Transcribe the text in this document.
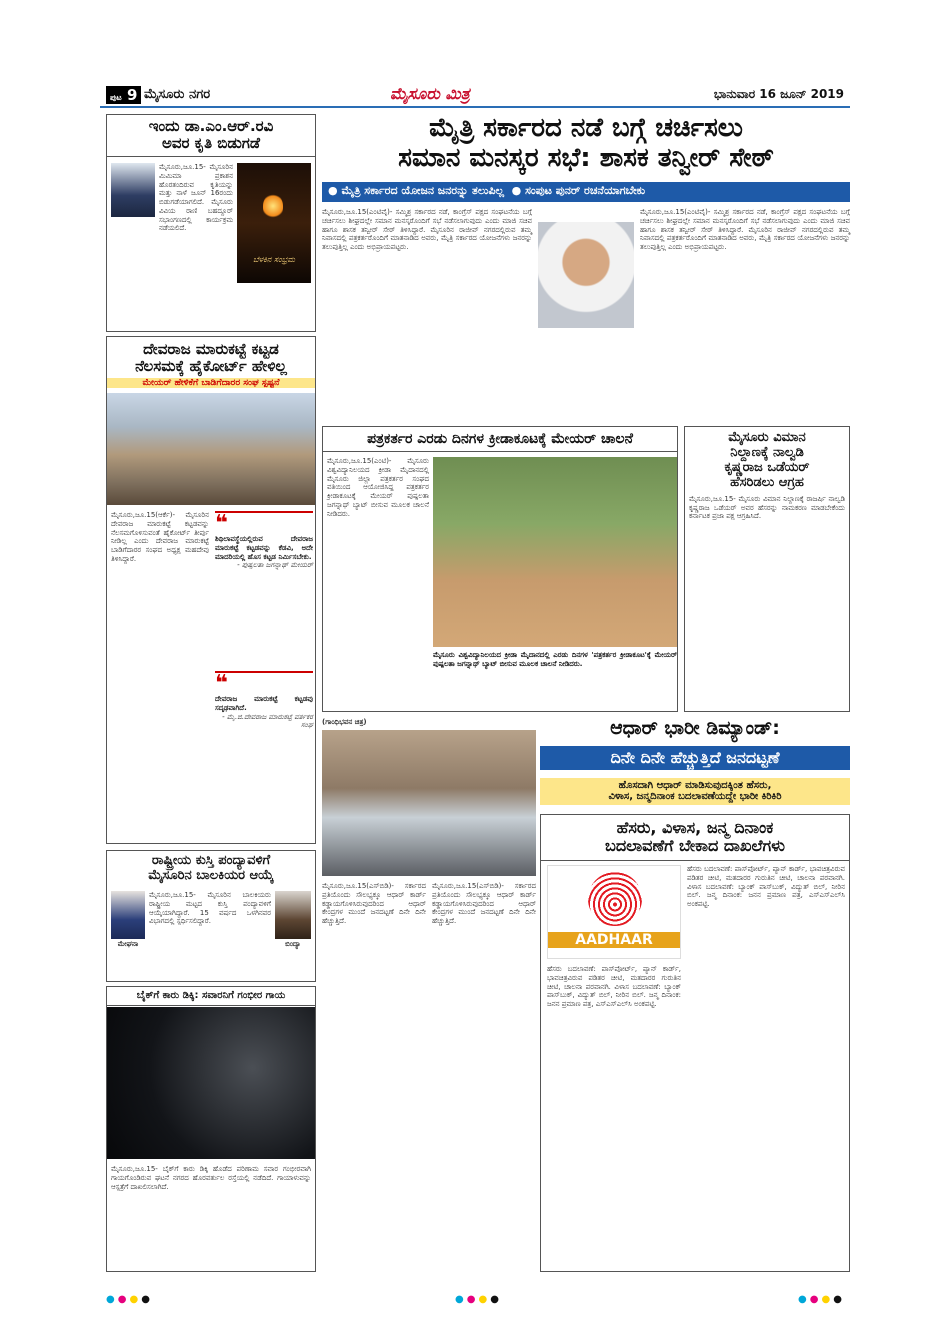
ಪುಟ 9 ಮೈಸೂರು ನಗರ	ಮೈಸೂರು ಮಿತ್ರ	ಭಾನುವಾರ 16 ಜೂನ್ 2019
ಇಂದು ಡಾ.ಎಂ.ಆರ್.ರವಿ
ಅವರ ಕೃತಿ ಬಿಡುಗಡೆ
ಬೆಳಕಿನ ಸಂಭ್ರಮ
ಮೈಸೂರು,ಜೂ.15- ಮೈಸೂರಿನ ಮಿಮಿಮಾ ಪ್ರಕಾಶನ ಹೊರತಂದಿರುವ ಕೃತಿಯನ್ನು ಮತ್ತು ನಾಳೆ ಜೂನ್ 16ರಂದು ಬಿಡುಗಡೆಯಾಗಲಿದೆ. ಮೈಸೂರು ವಿವಿಯ ರಾಣಿ ಬಹದ್ದೂರ್ ಸಭಾಂಗಣದಲ್ಲಿ ಕಾರ್ಯಕ್ರಮ ನಡೆಯಲಿದೆ.
ದೇವರಾಜ ಮಾರುಕಟ್ಟೆ ಕಟ್ಟಡ
ನೆಲಸಮಕ್ಕೆ ಹೈಕೋರ್ಟ್ ಹೇಳಿಲ್ಲ
ಮೇಯರ್ ಹೇಳಿಕೆಗೆ ಬಾಡಿಗೆದಾರರ ಸಂಘ ಸ್ಪಷ್ಟನೆ
ಮೈಸೂರು,ಜೂ.15(ಆರ್ಕೆ)- ಮೈಸೂರಿನ ದೇವರಾಜ ಮಾರುಕಟ್ಟೆ ಕಟ್ಟಡವನ್ನು ನೆಲಸಮಗೊಳಿಸುವಂತೆ ಹೈಕೋರ್ಟ್ ತೀರ್ಪು ನೀಡಿಲ್ಲ ಎಂದು ದೇವರಾಜ ಮಾರುಕಟ್ಟೆ ಬಾಡಿಗೆದಾರರ ಸಂಘದ ಅಧ್ಯಕ್ಷ ಮಹದೇವು ತಿಳಿಸಿದ್ದಾರೆ.
❝
ಶಿಥಿಲಾವಸ್ಥೆಯಲ್ಲಿರುವ ದೇವರಾಜ ಮಾರುಕಟ್ಟೆ ಕಟ್ಟಡವನ್ನು ಕೆಡವಿ, ಅದೇ ಮಾದರಿಯಲ್ಲಿ ಹೊಸ ಕಟ್ಟಡ ನಿರ್ಮಿಸಬೇಕು.
- ಪುಷ್ಪಲತಾ ಜಗನ್ನಾಥ್ ಮೇಯರ್
❝
ದೇವರಾಜ ಮಾರುಕಟ್ಟೆ ಕಟ್ಟಡವು ಸದೃಢವಾಗಿದೆ.
- ಮೈ.ಜಿ.ದೇವರಾಜ ಮಾರುಕಟ್ಟೆ ವರ್ತಕರ ಸಂಘ
ರಾಷ್ಟ್ರೀಯ ಕುಸ್ತಿ ಪಂದ್ಯಾವಳಿಗೆ
ಮೈಸೂರಿನ ಬಾಲಕಿಯರ ಆಯ್ಕೆ
ಮೇಘನಾ
ಮೈಸೂರು,ಜೂ.15- ಮೈಸೂರಿನ ಬಾಲಕಿಯರು ರಾಷ್ಟ್ರೀಯ ಮಟ್ಟದ ಕುಸ್ತಿ ಪಂದ್ಯಾವಳಿಗೆ ಆಯ್ಕೆಯಾಗಿದ್ದಾರೆ. 15 ವರ್ಷದ ಒಳಗಿನವರ ವಿಭಾಗದಲ್ಲಿ ಸ್ಪರ್ಧಿಸಲಿದ್ದಾರೆ.
ಬಿಂದ್ಯಾ
ಬೈಕ್‌ಗೆ ಕಾರು ಡಿಕ್ಕಿ: ಸವಾರನಿಗೆ ಗಂಭೀರ ಗಾಯ
ಮೈಸೂರು,ಜೂ.15- ಬೈಕ್‌ಗೆ ಕಾರು ಡಿಕ್ಕಿ ಹೊಡೆದ ಪರಿಣಾಮ ಸವಾರ ಗಂಭೀರವಾಗಿ ಗಾಯಗೊಂಡಿರುವ ಘಟನೆ ನಗರದ ಹೊರವರ್ತುಲ ರಸ್ತೆಯಲ್ಲಿ ನಡೆದಿದೆ. ಗಾಯಾಳುವನ್ನು ಆಸ್ಪತ್ರೆಗೆ ದಾಖಲಿಸಲಾಗಿದೆ.
ಮೈತ್ರಿ ಸರ್ಕಾರದ ನಡೆ ಬಗ್ಗೆ ಚರ್ಚಿಸಲು
ಸಮಾನ ಮನಸ್ಕರ ಸಭೆ: ಶಾಸಕ ತನ್ವೀರ್ ಸೇಠ್
● ಮೈತ್ರಿ ಸರ್ಕಾರದ ಯೋಜನ ಜನರನ್ನು ತಲುಪಿಲ್ಲ  ● ಸಂಪುಟ ಪುನರ್ ರಚನೆಯಾಗಬೇಕು
ಮೈಸೂರು,ಜೂ.15(ಎಂಟಿವೈ)- ಸಮ್ಮಿಶ್ರ ಸರ್ಕಾರದ ನಡೆ, ಕಾಂಗ್ರೆಸ್ ಪಕ್ಷದ ಸಂಘಟನೆಯ ಬಗ್ಗೆ ಚರ್ಚಿಸಲು ಶೀಘ್ರದಲ್ಲೇ ಸಮಾನ ಮನಸ್ಕರೊಂದಿಗೆ ಸಭೆ ನಡೆಸಲಾಗುವುದು ಎಂದು ಮಾಜಿ ಸಚಿವ ಹಾಗೂ ಶಾಸಕ ತನ್ವೀರ್ ಸೇಠ್ ತಿಳಿಸಿದ್ದಾರೆ. ಮೈಸೂರಿನ ರಾಜೀವ್ ನಗರದಲ್ಲಿರುವ ತಮ್ಮ ನಿವಾಸದಲ್ಲಿ ಪತ್ರಕರ್ತರೊಂದಿಗೆ ಮಾತನಾಡಿದ ಅವರು, ಮೈತ್ರಿ ಸರ್ಕಾರದ ಯೋಜನೆಗಳು ಜನರನ್ನು ತಲುಪುತ್ತಿಲ್ಲ ಎಂದು ಅಭಿಪ್ರಾಯಪಟ್ಟರು.
ಮೈಸೂರು,ಜೂ.15(ಎಂಟಿವೈ)- ಸಮ್ಮಿಶ್ರ ಸರ್ಕಾರದ ನಡೆ, ಕಾಂಗ್ರೆಸ್ ಪಕ್ಷದ ಸಂಘಟನೆಯ ಬಗ್ಗೆ ಚರ್ಚಿಸಲು ಶೀಘ್ರದಲ್ಲೇ ಸಮಾನ ಮನಸ್ಕರೊಂದಿಗೆ ಸಭೆ ನಡೆಸಲಾಗುವುದು ಎಂದು ಮಾಜಿ ಸಚಿವ ಹಾಗೂ ಶಾಸಕ ತನ್ವೀರ್ ಸೇಠ್ ತಿಳಿಸಿದ್ದಾರೆ. ಮೈಸೂರಿನ ರಾಜೀವ್ ನಗರದಲ್ಲಿರುವ ತಮ್ಮ ನಿವಾಸದಲ್ಲಿ ಪತ್ರಕರ್ತರೊಂದಿಗೆ ಮಾತನಾಡಿದ ಅವರು, ಮೈತ್ರಿ ಸರ್ಕಾರದ ಯೋಜನೆಗಳು ಜನರನ್ನು ತಲುಪುತ್ತಿಲ್ಲ ಎಂದು ಅಭಿಪ್ರಾಯಪಟ್ಟರು.
ಪತ್ರಕರ್ತರ ಎರಡು ದಿನಗಳ ಕ್ರೀಡಾಕೂಟಕ್ಕೆ ಮೇಯರ್ ಚಾಲನೆ
ಮೈಸೂರು,ಜೂ.15(ಎಂಟಿ)- ಮೈಸೂರು ವಿಶ್ವವಿದ್ಯಾನಿಲಯದ ಕ್ರೀಡಾ ಮೈದಾನದಲ್ಲಿ ಮೈಸೂರು ಜಿಲ್ಲಾ ಪತ್ರಕರ್ತರ ಸಂಘದ ವತಿಯಿಂದ ಆಯೋಜಿಸಿದ್ದ ಪತ್ರಕರ್ತರ ಕ್ರೀಡಾಕೂಟಕ್ಕೆ ಮೇಯರ್ ಪುಷ್ಪಲತಾ ಜಗನ್ನಾಥ್ ಬ್ಯಾಟ್ ಬೀಸುವ ಮೂಲಕ ಚಾಲನೆ ನೀಡಿದರು.
ಮೈಸೂರು ವಿಶ್ವವಿದ್ಯಾನಿಲಯದ ಕ್ರೀಡಾ ಮೈದಾನದಲ್ಲಿ ಎರಡು ದಿನಗಳ 'ಪತ್ರಕರ್ತರ ಕ್ರೀಡಾಕೂಟ'ಕ್ಕೆ ಮೇಯರ್ ಪುಷ್ಪಲತಾ ಜಗನ್ನಾಥ್ ಬ್ಯಾಟ್ ಬೀಸುವ ಮೂಲಕ ಚಾಲನೆ ನೀಡಿದರು.
ಮೈಸೂರು ವಿಮಾನ
ನಿಲ್ದಾಣಕ್ಕೆ ನಾಲ್ವಡಿ
ಕೃಷ್ಣರಾಜ ಒಡೆಯರ್
ಹೆಸರಿಡಲು ಆಗ್ರಹ
ಮೈಸೂರು,ಜೂ.15- ಮೈಸೂರು ವಿಮಾನ ನಿಲ್ದಾಣಕ್ಕೆ ರಾಜರ್ಷಿ ನಾಲ್ವಡಿ ಕೃಷ್ಣರಾಜ ಒಡೆಯರ್ ಅವರ ಹೆಸರನ್ನು ನಾಮಕರಣ ಮಾಡಬೇಕೆಂದು ಕರ್ನಾಟಕ ಪ್ರಜಾ ಪಕ್ಷ ಆಗ್ರಹಿಸಿದೆ.
(ಗಾಂಧಿಭವನ ಚಿತ್ರ)	ಆಧಾರ್ ಭಾರೀ ಡಿಮ್ಯಾಂಡ್:
ದಿನೇ ದಿನೇ ಹೆಚ್ಚುತ್ತಿದೆ ಜನದಟ್ಟಣೆ
ಹೊಸದಾಗಿ ಆಧಾರ್ ಮಾಡಿಸುವುದಕ್ಕಿಂತ ಹೆಸರು,
ವಿಳಾಸ, ಜನ್ಮದಿನಾಂಕ ಬದಲಾವಣೆಯದ್ದೇ ಭಾರೀ ಕಿರಿಕಿರಿ
ಮೈಸೂರು,ಜೂ.15(ಎಸ್‌ಬಿಡಿ)- ಸರ್ಕಾರದ ಪ್ರತಿಯೊಂದು ಸೌಲಭ್ಯಕ್ಕೂ ಆಧಾರ್ ಕಾರ್ಡ್ ಕಡ್ಡಾಯಗೊಳಿಸಿರುವುದರಿಂದ ಆಧಾರ್ ಕೇಂದ್ರಗಳ ಮುಂದೆ ಜನದಟ್ಟಣೆ ದಿನೇ ದಿನೇ ಹೆಚ್ಚುತ್ತಿದೆ.
ಮೈಸೂರು,ಜೂ.15(ಎಸ್‌ಬಿಡಿ)- ಸರ್ಕಾರದ ಪ್ರತಿಯೊಂದು ಸೌಲಭ್ಯಕ್ಕೂ ಆಧಾರ್ ಕಾರ್ಡ್ ಕಡ್ಡಾಯಗೊಳಿಸಿರುವುದರಿಂದ ಆಧಾರ್ ಕೇಂದ್ರಗಳ ಮುಂದೆ ಜನದಟ್ಟಣೆ ದಿನೇ ದಿನೇ ಹೆಚ್ಚುತ್ತಿದೆ.
ಹೆಸರು, ವಿಳಾಸ, ಜನ್ಮ ದಿನಾಂಕ
ಬದಲಾವಣೆಗೆ ಬೇಕಾದ ದಾಖಲೆಗಳು
AADHAAR
ಹೆಸರು ಬದಲಾವಣೆ: ಪಾಸ್‌ಪೋರ್ಟ್, ಪ್ಯಾನ್ ಕಾರ್ಡ್, ಭಾವಚಿತ್ರವಿರುವ ಪಡಿತರ ಚೀಟಿ, ಮತದಾರರ ಗುರುತಿನ ಚೀಟಿ, ಚಾಲನಾ ಪರವಾನಗಿ. ವಿಳಾಸ ಬದಲಾವಣೆ: ಬ್ಯಾಂಕ್ ಪಾಸ್‌ಬುಕ್, ವಿದ್ಯುತ್ ಬಿಲ್, ನೀರಿನ ಬಿಲ್. ಜನ್ಮ ದಿನಾಂಕ: ಜನನ ಪ್ರಮಾಣ ಪತ್ರ, ಎಸ್‌ಎಸ್‌ಎಲ್‌ಸಿ ಅಂಕಪಟ್ಟಿ.
ಹೆಸರು ಬದಲಾವಣೆ: ಪಾಸ್‌ಪೋರ್ಟ್, ಪ್ಯಾನ್ ಕಾರ್ಡ್, ಭಾವಚಿತ್ರವಿರುವ ಪಡಿತರ ಚೀಟಿ, ಮತದಾರರ ಗುರುತಿನ ಚೀಟಿ, ಚಾಲನಾ ಪರವಾನಗಿ. ವಿಳಾಸ ಬದಲಾವಣೆ: ಬ್ಯಾಂಕ್ ಪಾಸ್‌ಬುಕ್, ವಿದ್ಯುತ್ ಬಿಲ್, ನೀರಿನ ಬಿಲ್. ಜನ್ಮ ದಿನಾಂಕ: ಜನನ ಪ್ರಮಾಣ ಪತ್ರ, ಎಸ್‌ಎಸ್‌ಎಲ್‌ಸಿ ಅಂಕಪಟ್ಟಿ.
●●●●	●●●●	●●●●
